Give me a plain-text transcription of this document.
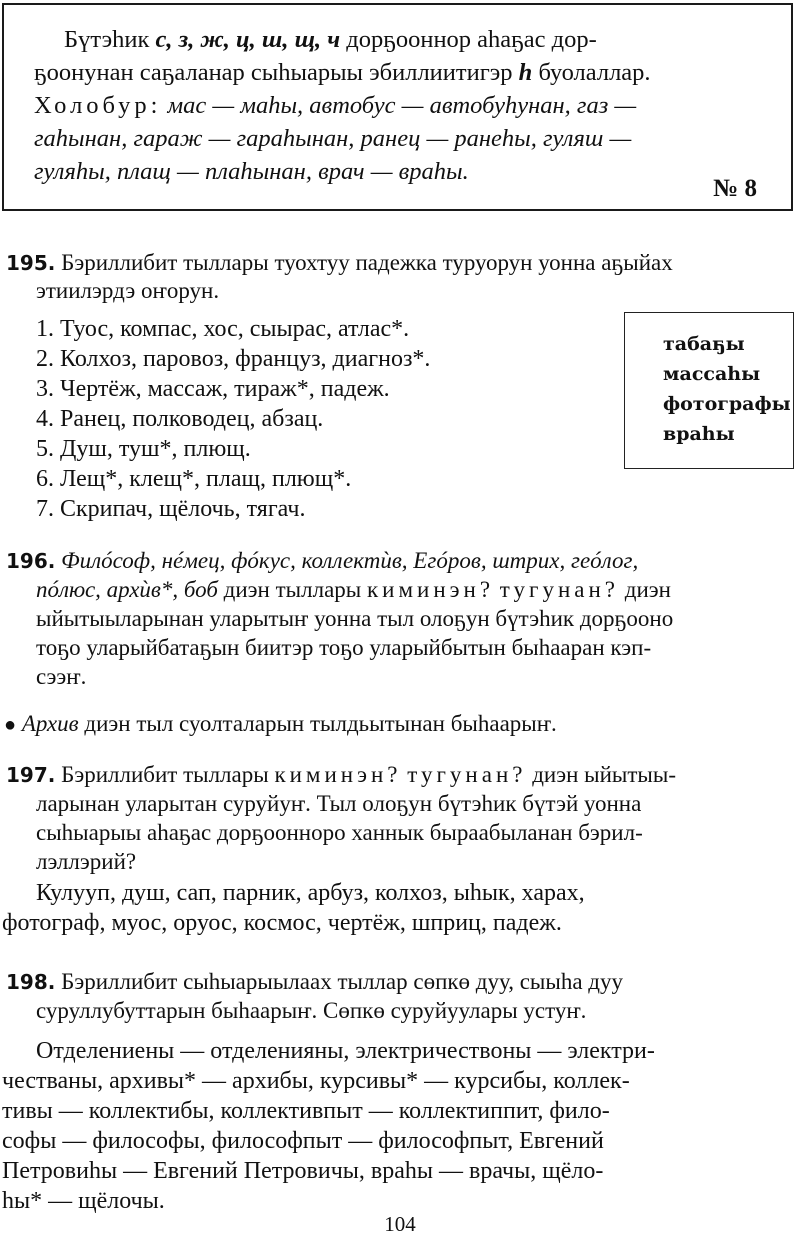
Бүтэһик с, з, ж, ц, ш, щ, ч дорҕооннор аһаҕас дор-
ҕоонунан саҕаланар сыһыарыы эбиллиитигэр h буолаллар.
Холобур: мас — маһы, автобус — автобуһунан, газ —
гаһынан, гараж — гараһынан, ранец — ранеһы, гуляш —
гуляһы, плащ — плаһынан, врач — враһы.
№ 8
195. Бэриллибит тыллары туохтуу падежка туруорун уонна аҕыйах
этиилэрдэ оҥорун.
1. Туос, компас, хос, сыырас, атлас*.
2. Колхоз, паровоз, француз, диагноз*.
3. Чертёж, массаж, тираж*, падеж.
4. Ранец, полководец, абзац.
5. Душ, туш*, плющ.
6. Лещ*, клещ*, плащ, плющ*.
7. Скрипач, щёлочь, тягач.
табаҕы
массаһы
фотографы
враһы
196. Филóсоф, нéмец, фóкус, коллектѝв, Егóров, штрих, геóлог,
пóлюс, архѝв*, боб диэн тыллары киминэн? тугунан? диэн
ыйытыыларынан уларытыҥ уонна тыл олоҕун бүтэһик дорҕооно
тоҕо уларыйбатаҕын биитэр тоҕо уларыйбытын быһааран кэп-
сээҥ.
● Архив диэн тыл суолталарын тылдьытынан быһаарыҥ.
197. Бэриллибит тыллары киминэн? тугунан? диэн ыйытыы-
ларынан уларытан суруйуҥ. Тыл олоҕун бүтэһик бүтэй уонна
сыһыарыы аһаҕас дорҕоонноро ханнык быраабыланан бэрил-
лэллэрий?
Кулууп, душ, сап, парник, арбуз, колхоз, ыһык, харах,
фотограф, муос, оруос, космос, чертёж, шприц, падеж.
198. Бэриллибит сыһыарыылаах тыллар сөпкө дуу, сыыһа дуу
суруллубуттарын быһаарыҥ. Сөпкө суруйуулары устуҥ.
Отделениены — отделенияны, электричествоны — электри-
честваны, архивы* — архибы, курсивы* — курсибы, коллек-
тивы — коллектибы, коллективпыт — коллектиппит, фило-
софы — философы, философпыт — философпыт, Евгений
Петровиһы — Евгений Петровичы, враһы — врачы, щёло-
һы* — щёлочы.
104
